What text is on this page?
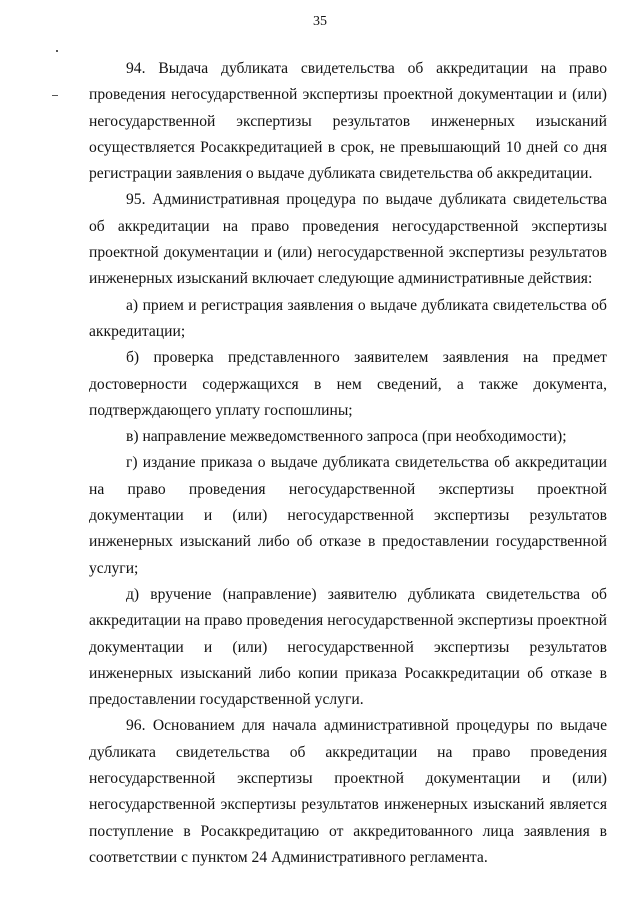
35

94. Выдача дубликата свидетельства об аккредитации на право проведения негосударственной экспертизы проектной документации и (или) негосударственной экспертизы результатов инженерных изысканий осуществляется Росаккредитацией в срок, не превышающий 10 дней со дня регистрации заявления о выдаче дубликата свидетельства об аккредитации.

95. Административная процедура по выдаче дубликата свидетельства об аккредитации на право проведения негосударственной экспертизы проектной документации и (или) негосударственной экспертизы результатов инженерных изысканий включает следующие административные действия:

а) прием и регистрация заявления о выдаче дубликата свидетельства об аккредитации;

б) проверка представленного заявителем заявления на предмет достоверности содержащихся в нем сведений, а также документа, подтверждающего уплату госпошлины;

в) направление межведомственного запроса (при необходимости);

г) издание приказа о выдаче дубликата свидетельства об аккредитации на право проведения негосударственной экспертизы проектной документации и (или) негосударственной экспертизы результатов инженерных изысканий либо об отказе в предоставлении государственной услуги;

д) вручение (направление) заявителю дубликата свидетельства об аккредитации на право проведения негосударственной экспертизы проектной документации и (или) негосударственной экспертизы результатов инженерных изысканий либо копии приказа Росаккредитации об отказе в предоставлении государственной услуги.

96. Основанием для начала административной процедуры по выдаче дубликата свидетельства об аккредитации на право проведения негосударственной экспертизы проектной документации и (или) негосударственной экспертизы результатов инженерных изысканий является поступление в Росаккредитацию от аккредитованного лица заявления в соответствии с пунктом 24 Административного регламента.
